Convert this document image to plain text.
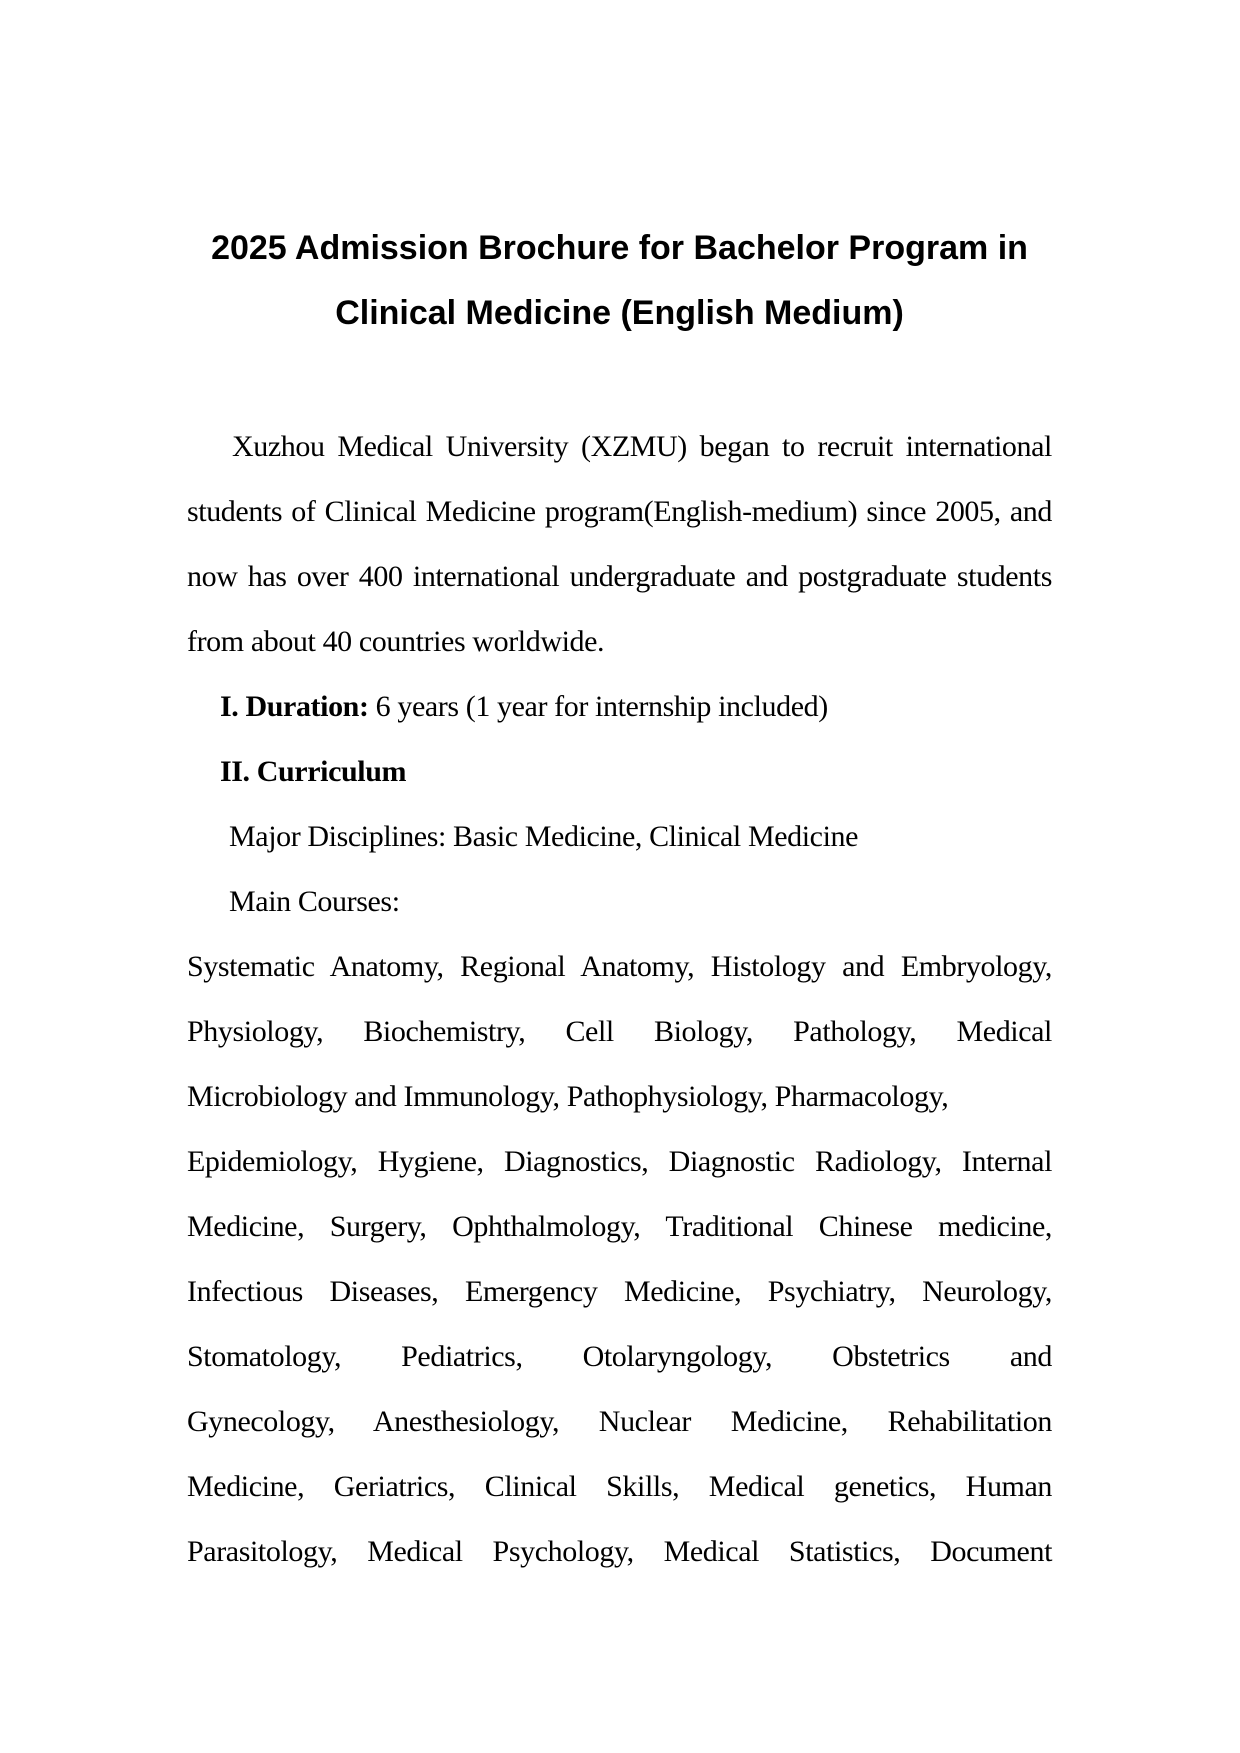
2025 Admission Brochure for Bachelor Program in
Clinical Medicine (English Medium)
Xuzhou Medical University (XZMU) began to recruit international
students of Clinical Medicine program(English-medium) since 2005, and
now has over 400 international undergraduate and postgraduate students
from about 40 countries worldwide.
I. Duration: 6 years (1 year for internship included)
II. Curriculum
Major Disciplines: Basic Medicine, Clinical Medicine
Main Courses:
Systematic Anatomy, Regional Anatomy, Histology and Embryology,
Physiology, Biochemistry, Cell Biology, Pathology, Medical
Microbiology and Immunology, Pathophysiology, Pharmacology,
Epidemiology, Hygiene, Diagnostics, Diagnostic Radiology, Internal
Medicine, Surgery, Ophthalmology, Traditional Chinese medicine,
Infectious Diseases, Emergency Medicine, Psychiatry, Neurology,
Stomatology, Pediatrics, Otolaryngology, Obstetrics and
Gynecology, Anesthesiology, Nuclear Medicine, Rehabilitation
Medicine, Geriatrics, Clinical Skills, Medical genetics, Human
Parasitology, Medical Psychology, Medical Statistics, Document
